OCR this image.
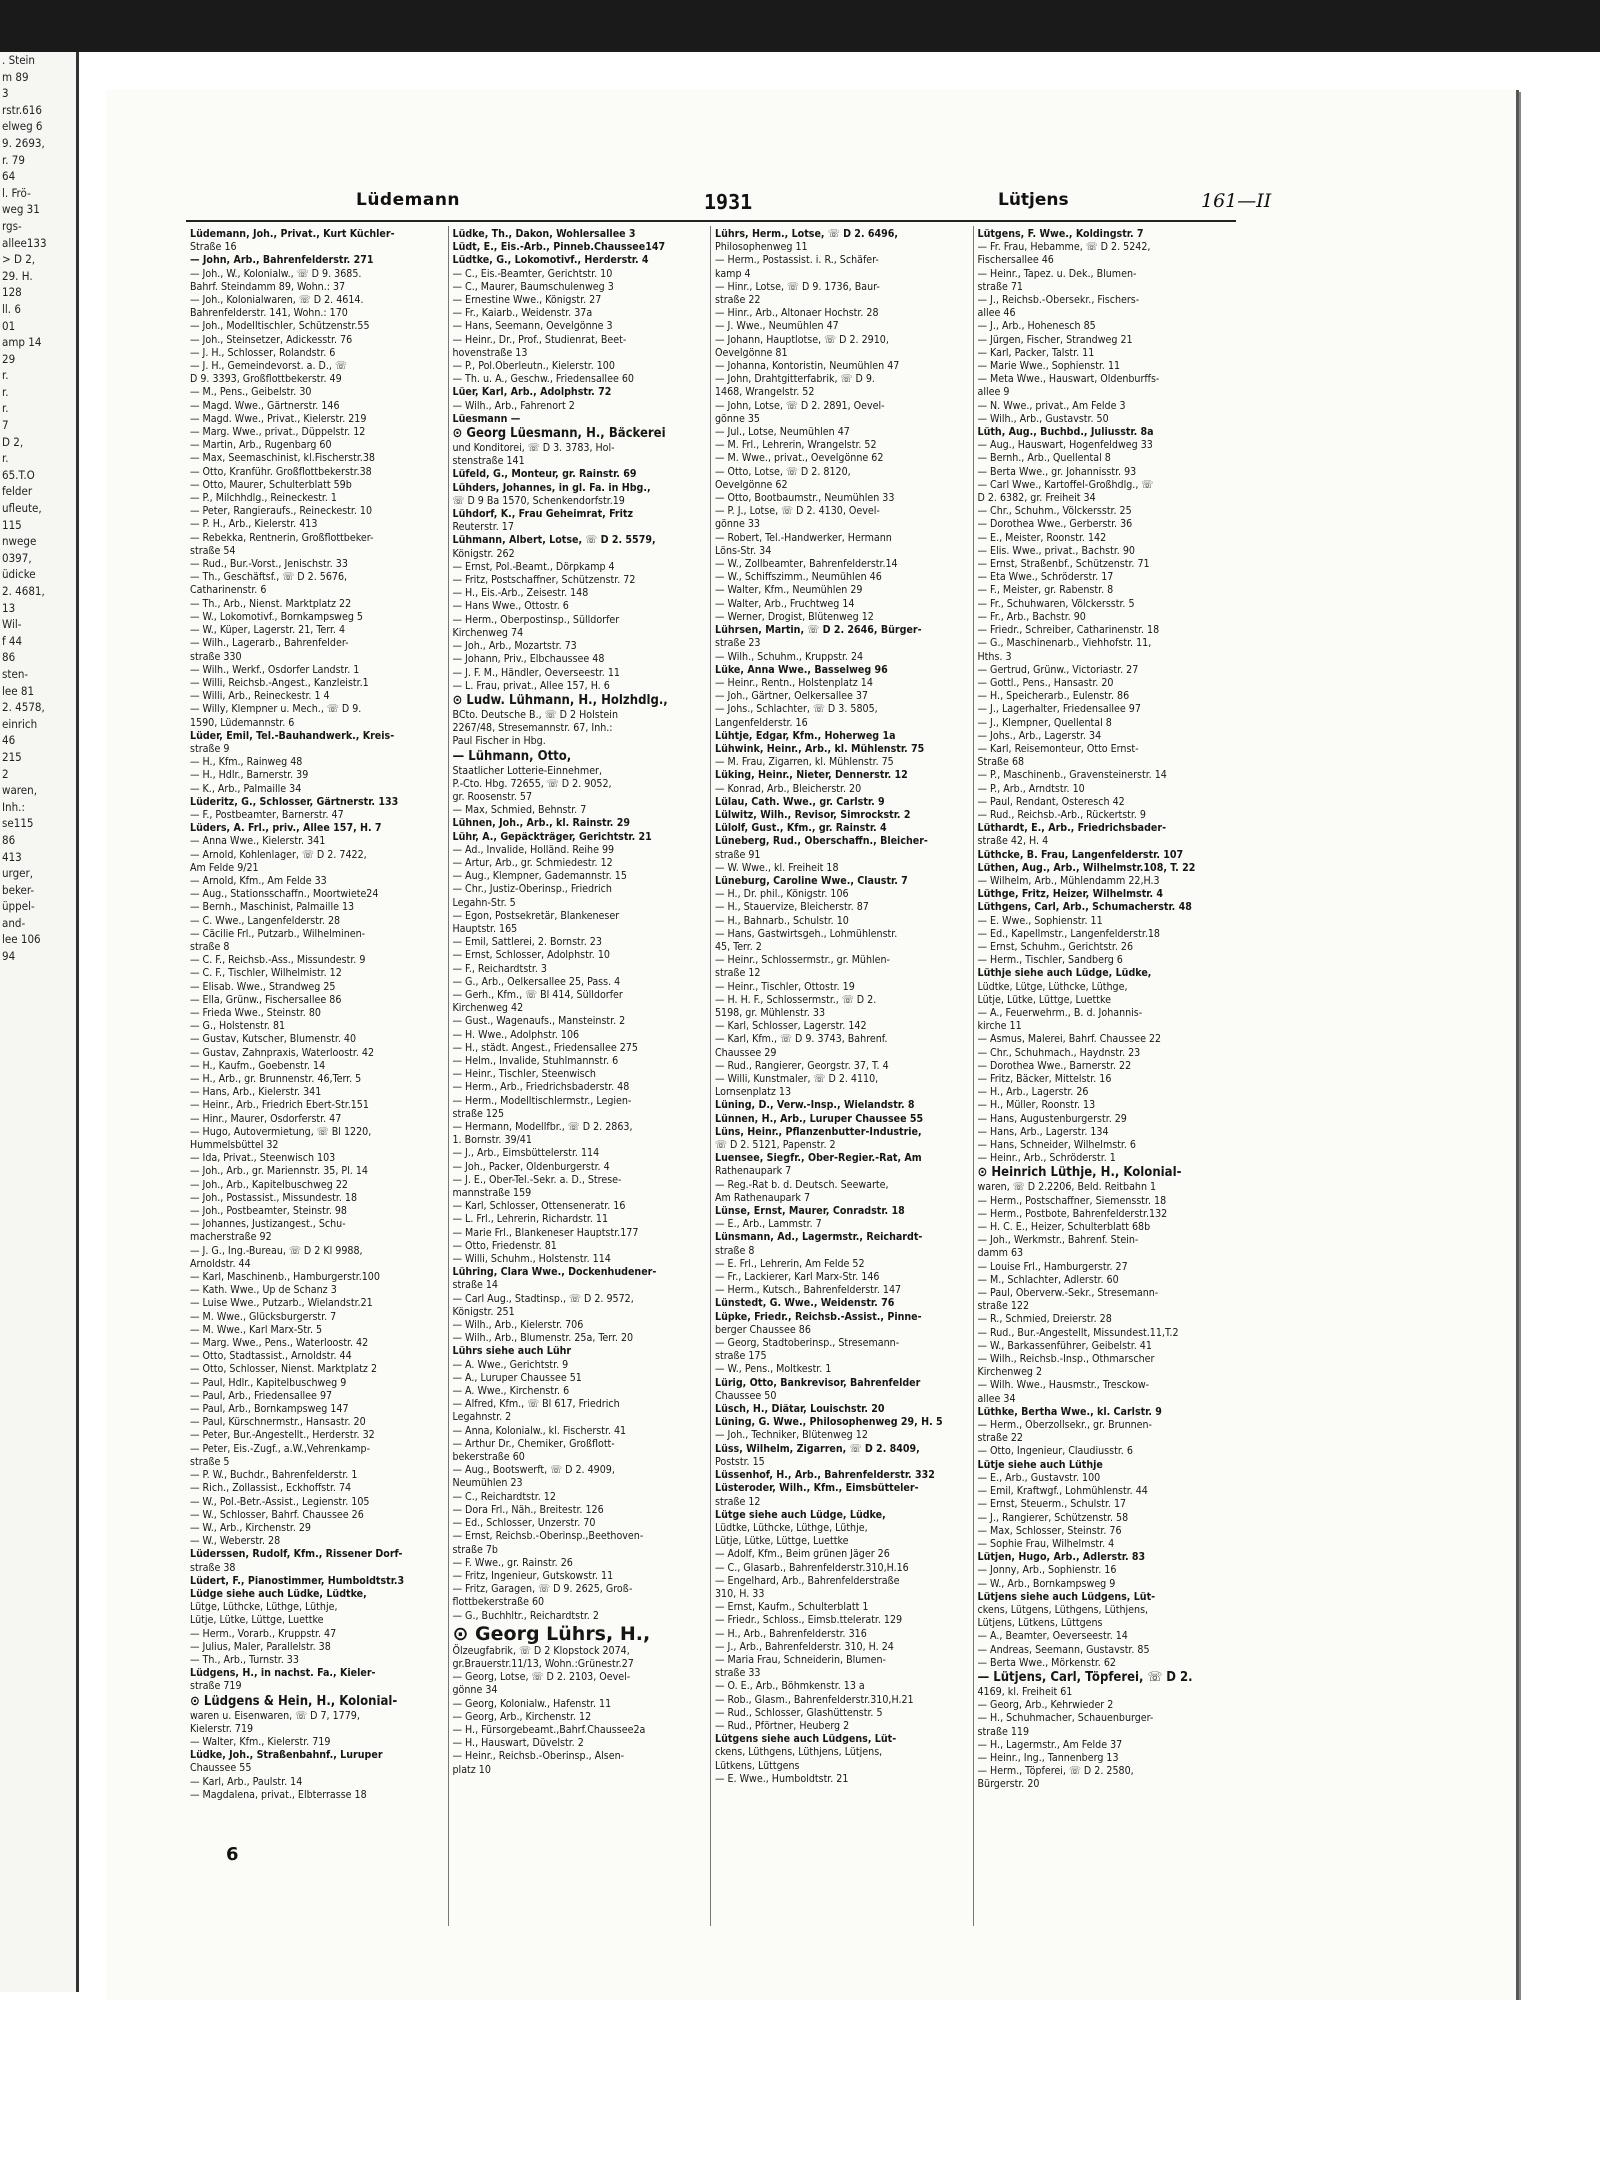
. Stein
m 89
3
rstr.616
elweg 6
9. 2693,
r. 79
64
l. Frö-
weg 31
rgs-
allee133
> D 2,
29. H.
128
ll. 6
01
amp 14
29
r.
r.
r.
7
D 2,
r.
65.T.O
felder
ufleute,
115
nwege
0397,
üdicke
2. 4681,
13
Wil-
f 44
86
sten-
lee 81
2. 4578,
einrich
46
215
2
waren,
Inh.:
se115
86
413
urger,
beker-
üppel-
and-
lee 106
94
Lüdemann	1931	Lütjens	161—II
Lüdemann, Joh., Privat., Kurt Küchler-
Straße 16
— John, Arb., Bahrenfelderstr. 271
— Joh., W., Kolonialw., ☏ D 9. 3685.
Bahrf. Steindamm 89, Wohn.: 37
— Joh., Kolonialwaren, ☏ D 2. 4614.
Bahrenfelderstr. 141, Wohn.: 170
— Joh., Modelltischler, Schützenstr.55
— Joh., Steinsetzer, Adickesstr. 76
— J. H., Schlosser, Rolandstr. 6
— J. H., Gemeindevorst. a. D., ☏
D 9. 3393, Großflottbekerstr. 49
— M., Pens., Geibelstr. 30
— Magd. Wwe., Gärtnerstr. 146
— Magd. Wwe., Privat., Kielerstr. 219
— Marg. Wwe., privat., Düppelstr. 12
— Martin, Arb., Rugenbarg 60
— Max, Seemaschinist, kl.Fischerstr.38
— Otto, Kranführ. Großflottbekerstr.38
— Otto, Maurer, Schulterblatt 59b
— P., Milchhdlg., Reineckestr. 1
— Peter, Rangieraufs., Reineckestr. 10
— P. H., Arb., Kielerstr. 413
— Rebekka, Rentnerin, Großflottbeker-
straße 54
— Rud., Bur.-Vorst., Jenischstr. 33
— Th., Geschäftsf., ☏ D 2. 5676,
Catharinenstr. 6
— Th., Arb., Nienst. Marktplatz 22
— W., Lokomotivf., Bornkampsweg 5
— W., Küper, Lagerstr. 21, Terr. 4
— Wilh., Lagerarb., Bahrenfelder-
straße 330
— Wilh., Werkf., Osdorfer Landstr. 1
— Willi, Reichsb.-Angest., Kanzleistr.1
— Willi, Arb., Reineckestr. 1 4
— Willy, Klempner u. Mech., ☏ D 9.
1590, Lüdemannstr. 6
Lüder, Emil, Tel.-Bauhandwerk., Kreis-
straße 9
— H., Kfm., Rainweg 48
— H., Hdlr., Barnerstr. 39
— K., Arb., Palmaille 34
Lüderitz, G., Schlosser, Gärtnerstr. 133
— F., Postbeamter, Barnerstr. 47
Lüders, A. Frl., priv., Allee 157, H. 7
— Anna Wwe., Kielerstr. 341
— Arnold, Kohlenlager, ☏ D 2. 7422,
Am Felde 9/21
— Arnold, Kfm., Am Felde 33
— Aug., Stationsschaffn., Moortwiete24
— Bernh., Maschinist, Palmaille 13
— C. Wwe., Langenfelderstr. 28
— Cäcilie Frl., Putzarb., Wilhelminen-
straße 8
— C. F., Reichsb.-Ass., Missundestr. 9
— C. F., Tischler, Wilhelmistr. 12
— Elisab. Wwe., Strandweg 25
— Ella, Grünw., Fischersallee 86
— Frieda Wwe., Steinstr. 80
— G., Holstenstr. 81
— Gustav, Kutscher, Blumenstr. 40
— Gustav, Zahnpraxis, Waterloostr. 42
— H., Kaufm., Goebenstr. 14
— H., Arb., gr. Brunnenstr. 46,Terr. 5
— Hans, Arb., Kielerstr. 341
— Heinr., Arb., Friedrich Ebert-Str.151
— Hinr., Maurer, Osdorferstr. 47
— Hugo, Autovermietung, ☏ Bl 1220,
Hummelsbüttel 32
— Ida, Privat., Steenwisch 103
— Joh., Arb., gr. Mariennstr. 35, Pl. 14
— Joh., Arb., Kapitelbuschweg 22
— Joh., Postassist., Missundestr. 18
— Joh., Postbeamter, Steinstr. 98
— Johannes, Justizangest., Schu-
macherstraße 92
— J. G., Ing.-Bureau, ☏ D 2 Kl 9988,
Arnoldstr. 44
— Karl, Maschinenb., Hamburgerstr.100
— Kath. Wwe., Up de Schanz 3
— Luise Wwe., Putzarb., Wielandstr.21
— M. Wwe., Glücksburgerstr. 7
— M. Wwe., Karl Marx-Str. 5
— Marg. Wwe., Pens., Waterloostr. 42
— Otto, Stadtassist., Arnoldstr. 44
— Otto, Schlosser, Nienst. Marktplatz 2
— Paul, Hdlr., Kapitelbuschweg 9
— Paul, Arb., Friedensallee 97
— Paul, Arb., Bornkampsweg 147
— Paul, Kürschnermstr., Hansastr. 20
— Peter, Bur.-Angestellt., Herderstr. 32
— Peter, Eis.-Zugf., a.W.,Vehrenkamp-
straße 5
— P. W., Buchdr., Bahrenfelderstr. 1
— Rich., Zollassist., Eckhoffstr. 74
— W., Pol.-Betr.-Assist., Legienstr. 105
— W., Schlosser, Bahrf. Chaussee 26
— W., Arb., Kirchenstr. 29
— W., Weberstr. 28
Lüderssen, Rudolf, Kfm., Rissener Dorf-
straße 38
Lüdert, F., Pianostimmer, Humboldtstr.3
Lüdge siehe auch Lüdke, Lüdtke,
Lütge, Lüthcke, Lüthge, Lüthje,
Lütje, Lütke, Lüttge, Luettke
— Herm., Vorarb., Kruppstr. 47
— Julius, Maler, Parallelstr. 38
— Th., Arb., Turnstr. 33
Lüdgens, H., in nachst. Fa., Kieler-
straße 719
⊙ Lüdgens & Hein, H., Kolonial-
waren u. Eisenwaren, ☏ D 7, 1779,
Kielerstr. 719
— Walter, Kfm., Kielerstr. 719
Lüdke, Joh., Straßenbahnf., Luruper
Chaussee 55
— Karl, Arb., Paulstr. 14
— Magdalena, privat., Elbterrasse 18
Lüdke, Th., Dakon, Wohlersallee 3
Lüdt, E., Eis.-Arb., Pinneb.Chaussee147
Lüdtke, G., Lokomotivf., Herderstr. 4
— C., Eis.-Beamter, Gerichtstr. 10
— C., Maurer, Baumschulenweg 3
— Ernestine Wwe., Königstr. 27
— Fr., Kaiarb., Weidenstr. 37a
— Hans, Seemann, Oevelgönne 3
— Heinr., Dr., Prof., Studienrat, Beet-
hovenstraße 13
— P., Pol.Oberleutn., Kielerstr. 100
— Th. u. A., Geschw., Friedensallee 60
Lüer, Karl, Arb., Adolphstr. 72
— Wilh., Arb., Fahrenort 2
Lüesmann —
⊙ Georg Lüesmann, H., Bäckerei
und Konditorei, ☏ D 3. 3783, Hol-
stenstraße 141
Lüfeld, G., Monteur, gr. Rainstr. 69
Lühders, Johannes, in gl. Fa. in Hbg.,
☏ D 9 Ba 1570, Schenkendorfstr.19
Lühdorf, K., Frau Geheimrat, Fritz
Reuterstr. 17
Lühmann, Albert, Lotse, ☏ D 2. 5579,
Königstr. 262
— Ernst, Pol.-Beamt., Dörpkamp 4
— Fritz, Postschaffner, Schützenstr. 72
— H., Eis.-Arb., Zeisestr. 148
— Hans Wwe., Ottostr. 6
— Herm., Oberpostinsp., Sülldorfer
Kirchenweg 74
— Joh., Arb., Mozartstr. 73
— Johann, Priv., Elbchaussee 48
— J. F. M., Händler, Oeverseestr. 11
— L. Frau, privat., Allee 157, H. 6
⊙ Ludw. Lühmann, H., Holzhdlg.,
BCto. Deutsche B., ☏ D 2 Holstein
2267/48, Stresemannstr. 67, Inh.:
Paul Fischer in Hbg.
— Lühmann, Otto,
Staatlicher Lotterie-Einnehmer,
P.-Cto. Hbg. 72655, ☏ D 2. 9052,
gr. Roosenstr. 57
— Max, Schmied, Behnstr. 7
Lühnen, Joh., Arb., kl. Rainstr. 29
Lühr, A., Gepäckträger, Gerichtstr. 21
— Ad., Invalide, Holländ. Reihe 99
— Artur, Arb., gr. Schmiedestr. 12
— Aug., Klempner, Gademannstr. 15
— Chr., Justiz-Oberinsp., Friedrich
Legahn-Str. 5
— Egon, Postsekretär, Blankeneser
Hauptstr. 165
— Emil, Sattlerei, 2. Bornstr. 23
— Ernst, Schlosser, Adolphstr. 10
— F., Reichardtstr. 3
— G., Arb., Oelkersallee 25, Pass. 4
— Gerh., Kfm., ☏ Bl 414, Sülldorfer
Kirchenweg 42
— Gust., Wagenaufs., Mansteinstr. 2
— H. Wwe., Adolphstr. 106
— H., städt. Angest., Friedensallee 275
— Helm., Invalide, Stuhlmannstr. 6
— Heinr., Tischler, Steenwisch
— Herm., Arb., Friedrichsbaderstr. 48
— Herm., Modelltischlermstr., Legien-
straße 125
— Hermann, Modellfbr., ☏ D 2. 2863,
1. Bornstr. 39/41
— J., Arb., Eimsbüttelerstr. 114
— Joh., Packer, Oldenburgerstr. 4
— J. E., Ober-Tel.-Sekr. a. D., Strese-
mannstraße 159
— Karl, Schlosser, Ottenseneratr. 16
— L. Frl., Lehrerin, Richardstr. 11
— Marie Frl., Blankeneser Hauptstr.177
— Otto, Friedenstr. 81
— Willi, Schuhm., Holstenstr. 114
Lühring, Clara Wwe., Dockenhudener-
straße 14
— Carl Aug., Stadtinsp., ☏ D 2. 9572,
Königstr. 251
— Wilh., Arb., Kielerstr. 706
— Wilh., Arb., Blumenstr. 25a, Terr. 20
Lührs siehe auch Lühr
— A. Wwe., Gerichtstr. 9
— A., Luruper Chaussee 51
— A. Wwe., Kirchenstr. 6
— Alfred, Kfm., ☏ Bl 617, Friedrich
Legahnstr. 2
— Anna, Kolonialw., kl. Fischerstr. 41
— Arthur Dr., Chemiker, Großflott-
bekerstraße 60
— Aug., Bootswerft, ☏ D 2. 4909,
Neumühlen 23
— C., Reichardtstr. 12
— Dora Frl., Näh., Breitestr. 126
— Ed., Schlosser, Unzerstr. 70
— Ernst, Reichsb.-Oberinsp.,Beethoven-
straße 7b
— F. Wwe., gr. Rainstr. 26
— Fritz, Ingenieur, Gutskowstr. 11
— Fritz, Garagen, ☏ D 9. 2625, Groß-
flottbekerstraße 60
— G., Buchhltr., Reichardtstr. 2
⊙ Georg Lührs, H.,
Ölzeugfabrik, ☏ D 2 Klopstock 2074,
gr.Brauerstr.11/13, Wohn.:Grünestr.27
— Georg, Lotse, ☏ D 2. 2103, Oevel-
gönne 34
— Georg, Kolonialw., Hafenstr. 11
— Georg, Arb., Kirchenstr. 12
— H., Fürsorgebeamt.,Bahrf.Chaussee2a
— H., Hauswart, Düvelstr. 2
— Heinr., Reichsb.-Oberinsp., Alsen-
platz 10
Lührs, Herm., Lotse, ☏ D 2. 6496,
Philosophenweg 11
— Herm., Postassist. i. R., Schäfer-
kamp 4
— Hinr., Lotse, ☏ D 9. 1736, Baur-
straße 22
— Hinr., Arb., Altonaer Hochstr. 28
— J. Wwe., Neumühlen 47
— Johann, Hauptlotse, ☏ D 2. 2910,
Oevelgönne 81
— Johanna, Kontoristin, Neumühlen 47
— John, Drahtgitterfabrik, ☏ D 9.
1468, Wrangelstr. 52
— John, Lotse, ☏ D 2. 2891, Oevel-
gönne 35
— Jul., Lotse, Neumühlen 47
— M. Frl., Lehrerin, Wrangelstr. 52
— M. Wwe., privat., Oevelgönne 62
— Otto, Lotse, ☏ D 2. 8120,
Oevelgönne 62
— Otto, Bootbaumstr., Neumühlen 33
— P. J., Lotse, ☏ D 2. 4130, Oevel-
gönne 33
— Robert, Tel.-Handwerker, Hermann
Löns-Str. 34
— W., Zollbeamter, Bahrenfelderstr.14
— W., Schiffszimm., Neumühlen 46
— Walter, Kfm., Neumühlen 29
— Walter, Arb., Fruchtweg 14
— Werner, Drogist, Blütenweg 12
Lührsen, Martin, ☏ D 2. 2646, Bürger-
straße 23
— Wilh., Schuhm., Kruppstr. 24
Lüke, Anna Wwe., Basselweg 96
— Heinr., Rentn., Holstenplatz 14
— Joh., Gärtner, Oelkersallee 37
— Johs., Schlachter, ☏ D 3. 5805,
Langenfelderstr. 16
Lühtje, Edgar, Kfm., Hoherweg 1a
Lühwink, Heinr., Arb., kl. Mühlenstr. 75
— M. Frau, Zigarren, kl. Mühlenstr. 75
Lüking, Heinr., Nieter, Dennerstr. 12
— Konrad, Arb., Bleicherstr. 20
Lülau, Cath. Wwe., gr. Carlstr. 9
Lülwitz, Wilh., Revisor, Simrockstr. 2
Lülolf, Gust., Kfm., gr. Rainstr. 4
Lüneberg, Rud., Oberschaffn., Bleicher-
straße 91
— W. Wwe., kl. Freiheit 18
Lüneburg, Caroline Wwe., Claustr. 7
— H., Dr. phil., Königstr. 106
— H., Stauervize, Bleicherstr. 87
— H., Bahnarb., Schulstr. 10
— Hans, Gastwirtsgeh., Lohmühlenstr.
45, Terr. 2
— Heinr., Schlossermstr., gr. Mühlen-
straße 12
— Heinr., Tischler, Ottostr. 19
— H. H. F., Schlossermstr., ☏ D 2.
5198, gr. Mühlenstr. 33
— Karl, Schlosser, Lagerstr. 142
— Karl, Kfm., ☏ D 9. 3743, Bahrenf.
Chaussee 29
— Rud., Rangierer, Georgstr. 37, T. 4
— Willi, Kunstmaler, ☏ D 2. 4110,
Lornsenplatz 13
Lüning, D., Verw.-Insp., Wielandstr. 8
Lünnen, H., Arb., Luruper Chaussee 55
Lüns, Heinr., Pflanzenbutter-Industrie,
☏ D 2. 5121, Papenstr. 2
Luensee, Siegfr., Ober-Regier.-Rat, Am
Rathenaupark 7
— Reg.-Rat b. d. Deutsch. Seewarte,
Am Rathenaupark 7
Lünse, Ernst, Maurer, Conradstr. 18
— E., Arb., Lammstr. 7
Lünsmann, Ad., Lagermstr., Reichardt-
straße 8
— E. Frl., Lehrerin, Am Felde 52
— Fr., Lackierer, Karl Marx-Str. 146
— Herm., Kutsch., Bahrenfelderstr. 147
Lünstedt, G. Wwe., Weidenstr. 76
Lüpke, Friedr., Reichsb.-Assist., Pinne-
berger Chaussee 86
— Georg, Stadtoberinsp., Stresemann-
straße 175
— W., Pens., Moltkestr. 1
Lürig, Otto, Bankrevisor, Bahrenfelder
Chaussee 50
Lüsch, H., Diätar, Louischstr. 20
Lüning, G. Wwe., Philosophenweg 29, H. 5
— Joh., Techniker, Blütenweg 12
Lüss, Wilhelm, Zigarren, ☏ D 2. 8409,
Poststr. 15
Lüssenhof, H., Arb., Bahrenfelderstr. 332
Lüsteroder, Wilh., Kfm., Eimsbütteler-
straße 12
Lütge siehe auch Lüdge, Lüdke,
Lüdtke, Lüthcke, Lüthge, Lüthje,
Lütje, Lütke, Lüttge, Luettke
— Adolf, Kfm., Beim grünen Jäger 26
— C., Glasarb., Bahrenfelderstr.310,H.16
— Engelhard, Arb., Bahrenfelderstraße
310, H. 33
— Ernst, Kaufm., Schulterblatt 1
— Friedr., Schloss., Eimsb.tteleratr. 129
— H., Arb., Bahrenfelderstr. 316
— J., Arb., Bahrenfelderstr. 310, H. 24
— Maria Frau, Schneiderin, Blumen-
straße 33
— O. E., Arb., Böhmkenstr. 13 a
— Rob., Glasm., Bahrenfelderstr.310,H.21
— Rud., Schlosser, Glashüttenstr. 5
— Rud., Pförtner, Heuberg 2
Lütgens siehe auch Lüdgens, Lüt-
ckens, Lüthgens, Lüthjens, Lütjens,
Lütkens, Lüttgens
— E. Wwe., Humboldtstr. 21
Lütgens, F. Wwe., Koldingstr. 7
— Fr. Frau, Hebamme, ☏ D 2. 5242,
Fischersallee 46
— Heinr., Tapez. u. Dek., Blumen-
straße 71
— J., Reichsb.-Obersekr., Fischers-
allee 46
— J., Arb., Hohenesch 85
— Jürgen, Fischer, Strandweg 21
— Karl, Packer, Talstr. 11
— Marie Wwe., Sophienstr. 11
— Meta Wwe., Hauswart, Oldenburffs-
allee 9
— N. Wwe., privat., Am Felde 3
— Wilh., Arb., Gustavstr. 50
Lüth, Aug., Buchbd., Juliusstr. 8a
— Aug., Hauswart, Hogenfeldweg 33
— Bernh., Arb., Quellental 8
— Berta Wwe., gr. Johannisstr. 93
— Carl Wwe., Kartoffel-Großhdlg., ☏
D 2. 6382, gr. Freiheit 34
— Chr., Schuhm., Völckersstr. 25
— Dorothea Wwe., Gerberstr. 36
— E., Meister, Roonstr. 142
— Elis. Wwe., privat., Bachstr. 90
— Ernst, Straßenbf., Schützenstr. 71
— Eta Wwe., Schröderstr. 17
— F., Meister, gr. Rabenstr. 8
— Fr., Schuhwaren, Völckersstr. 5
— Fr., Arb., Bachstr. 90
— Friedr., Schreiber, Catharinenstr. 18
— G., Maschinenarb., Viehhofstr. 11,
Hths. 3
— Gertrud, Grünw., Victoriastr. 27
— Gottl., Pens., Hansastr. 20
— H., Speicherarb., Eulenstr. 86
— J., Lagerhalter, Friedensallee 97
— J., Klempner, Quellental 8
— Johs., Arb., Lagerstr. 34
— Karl, Reisemonteur, Otto Ernst-
Straße 68
— P., Maschinenb., Gravensteinerstr. 14
— P., Arb., Arndtstr. 10
— Paul, Rendant, Osteresch 42
— Rud., Reichsb.-Arb., Rückertstr. 9
Lüthardt, E., Arb., Friedrichsbader-
straße 42, H. 4
Lüthcke, B. Frau, Langenfelderstr. 107
Lüthen, Aug., Arb., Wilhelmstr.108, T. 22
— Wilhelm, Arb., Mühlendamm 22,H.3
Lüthge, Fritz, Heizer, Wilhelmstr. 4
Lüthgens, Carl, Arb., Schumacherstr. 48
— E. Wwe., Sophienstr. 11
— Ed., Kapellmstr., Langenfelderstr.18
— Ernst, Schuhm., Gerichtstr. 26
— Herm., Tischler, Sandberg 6
Lüthje siehe auch Lüdge, Lüdke,
Lüdtke, Lütge, Lüthcke, Lüthge,
Lütje, Lütke, Lüttge, Luettke
— A., Feuerwehrm., B. d. Johannis-
kirche 11
— Asmus, Malerei, Bahrf. Chaussee 22
— Chr., Schuhmach., Haydnstr. 23
— Dorothea Wwe., Barnerstr. 22
— Fritz, Bäcker, Mittelstr. 16
— H., Arb., Lagerstr. 26
— H., Müller, Roonstr. 13
— Hans, Augustenburgerstr. 29
— Hans, Arb., Lagerstr. 134
— Hans, Schneider, Wilhelmstr. 6
— Heinr., Arb., Schröderstr. 1
⊙ Heinrich Lüthje, H., Kolonial-
waren, ☏ D 2.2206, Beld. Reitbahn 1
— Herm., Postschaffner, Siemensstr. 18
— Herm., Postbote, Bahrenfelderstr.132
— H. C. E., Heizer, Schulterblatt 68b
— Joh., Werkmstr., Bahrenf. Stein-
damm 63
— Louise Frl., Hamburgerstr. 27
— M., Schlachter, Adlerstr. 60
— Paul, Oberverw.-Sekr., Stresemann-
straße 122
— R., Schmied, Dreierstr. 28
— Rud., Bur.-Angestellt, Missundest.11,T.2
— W., Barkassenführer, Geibelstr. 41
— Wilh., Reichsb.-Insp., Othmarscher
Kirchenweg 2
— Wilh. Wwe., Hausmstr., Tresckow-
allee 34
Lüthke, Bertha Wwe., kl. Carlstr. 9
— Herm., Oberzollsekr., gr. Brunnen-
straße 22
— Otto, Ingenieur, Claudiusstr. 6
Lütje siehe auch Lüthje
— E., Arb., Gustavstr. 100
— Emil, Kraftwgf., Lohmühlenstr. 44
— Ernst, Steuerm., Schulstr. 17
— J., Rangierer, Schützenstr. 58
— Max, Schlosser, Steinstr. 76
— Sophie Frau, Wilhelmstr. 4
Lütjen, Hugo, Arb., Adlerstr. 83
— Jonny, Arb., Sophienstr. 16
— W., Arb., Bornkampsweg 9
Lütjens siehe auch Lüdgens, Lüt-
ckens, Lütgens, Lüthgens, Lüthjens,
Lütjens, Lütkens, Lüttgens
— A., Beamter, Oeverseestr. 14
— Andreas, Seemann, Gustavstr. 85
— Berta Wwe., Mörkenstr. 62
— Lütjens, Carl, Töpferei, ☏ D 2.
4169, kl. Freiheit 61
— Georg, Arb., Kehrwieder 2
— H., Schuhmacher, Schauenburger-
straße 119
— H., Lagermstr., Am Felde 37
— Heinr., Ing., Tannenberg 13
— Herm., Töpferei, ☏ D 2. 2580,
Bürgerstr. 20
6
